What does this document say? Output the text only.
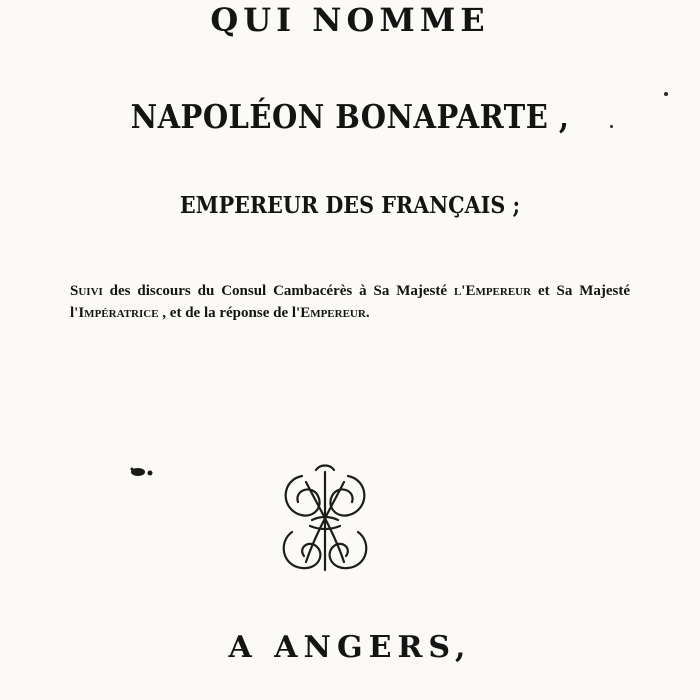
QUI NOMME
NAPOLÉON BONAPARTE ,
EMPEREUR DES FRANÇAIS ;
Suivi des discours du Consul Cambacérès à Sa Majesté l'Empereur et Sa Majesté l'Impératrice , et de la réponse de l'Empereur.
A ANGERS,
